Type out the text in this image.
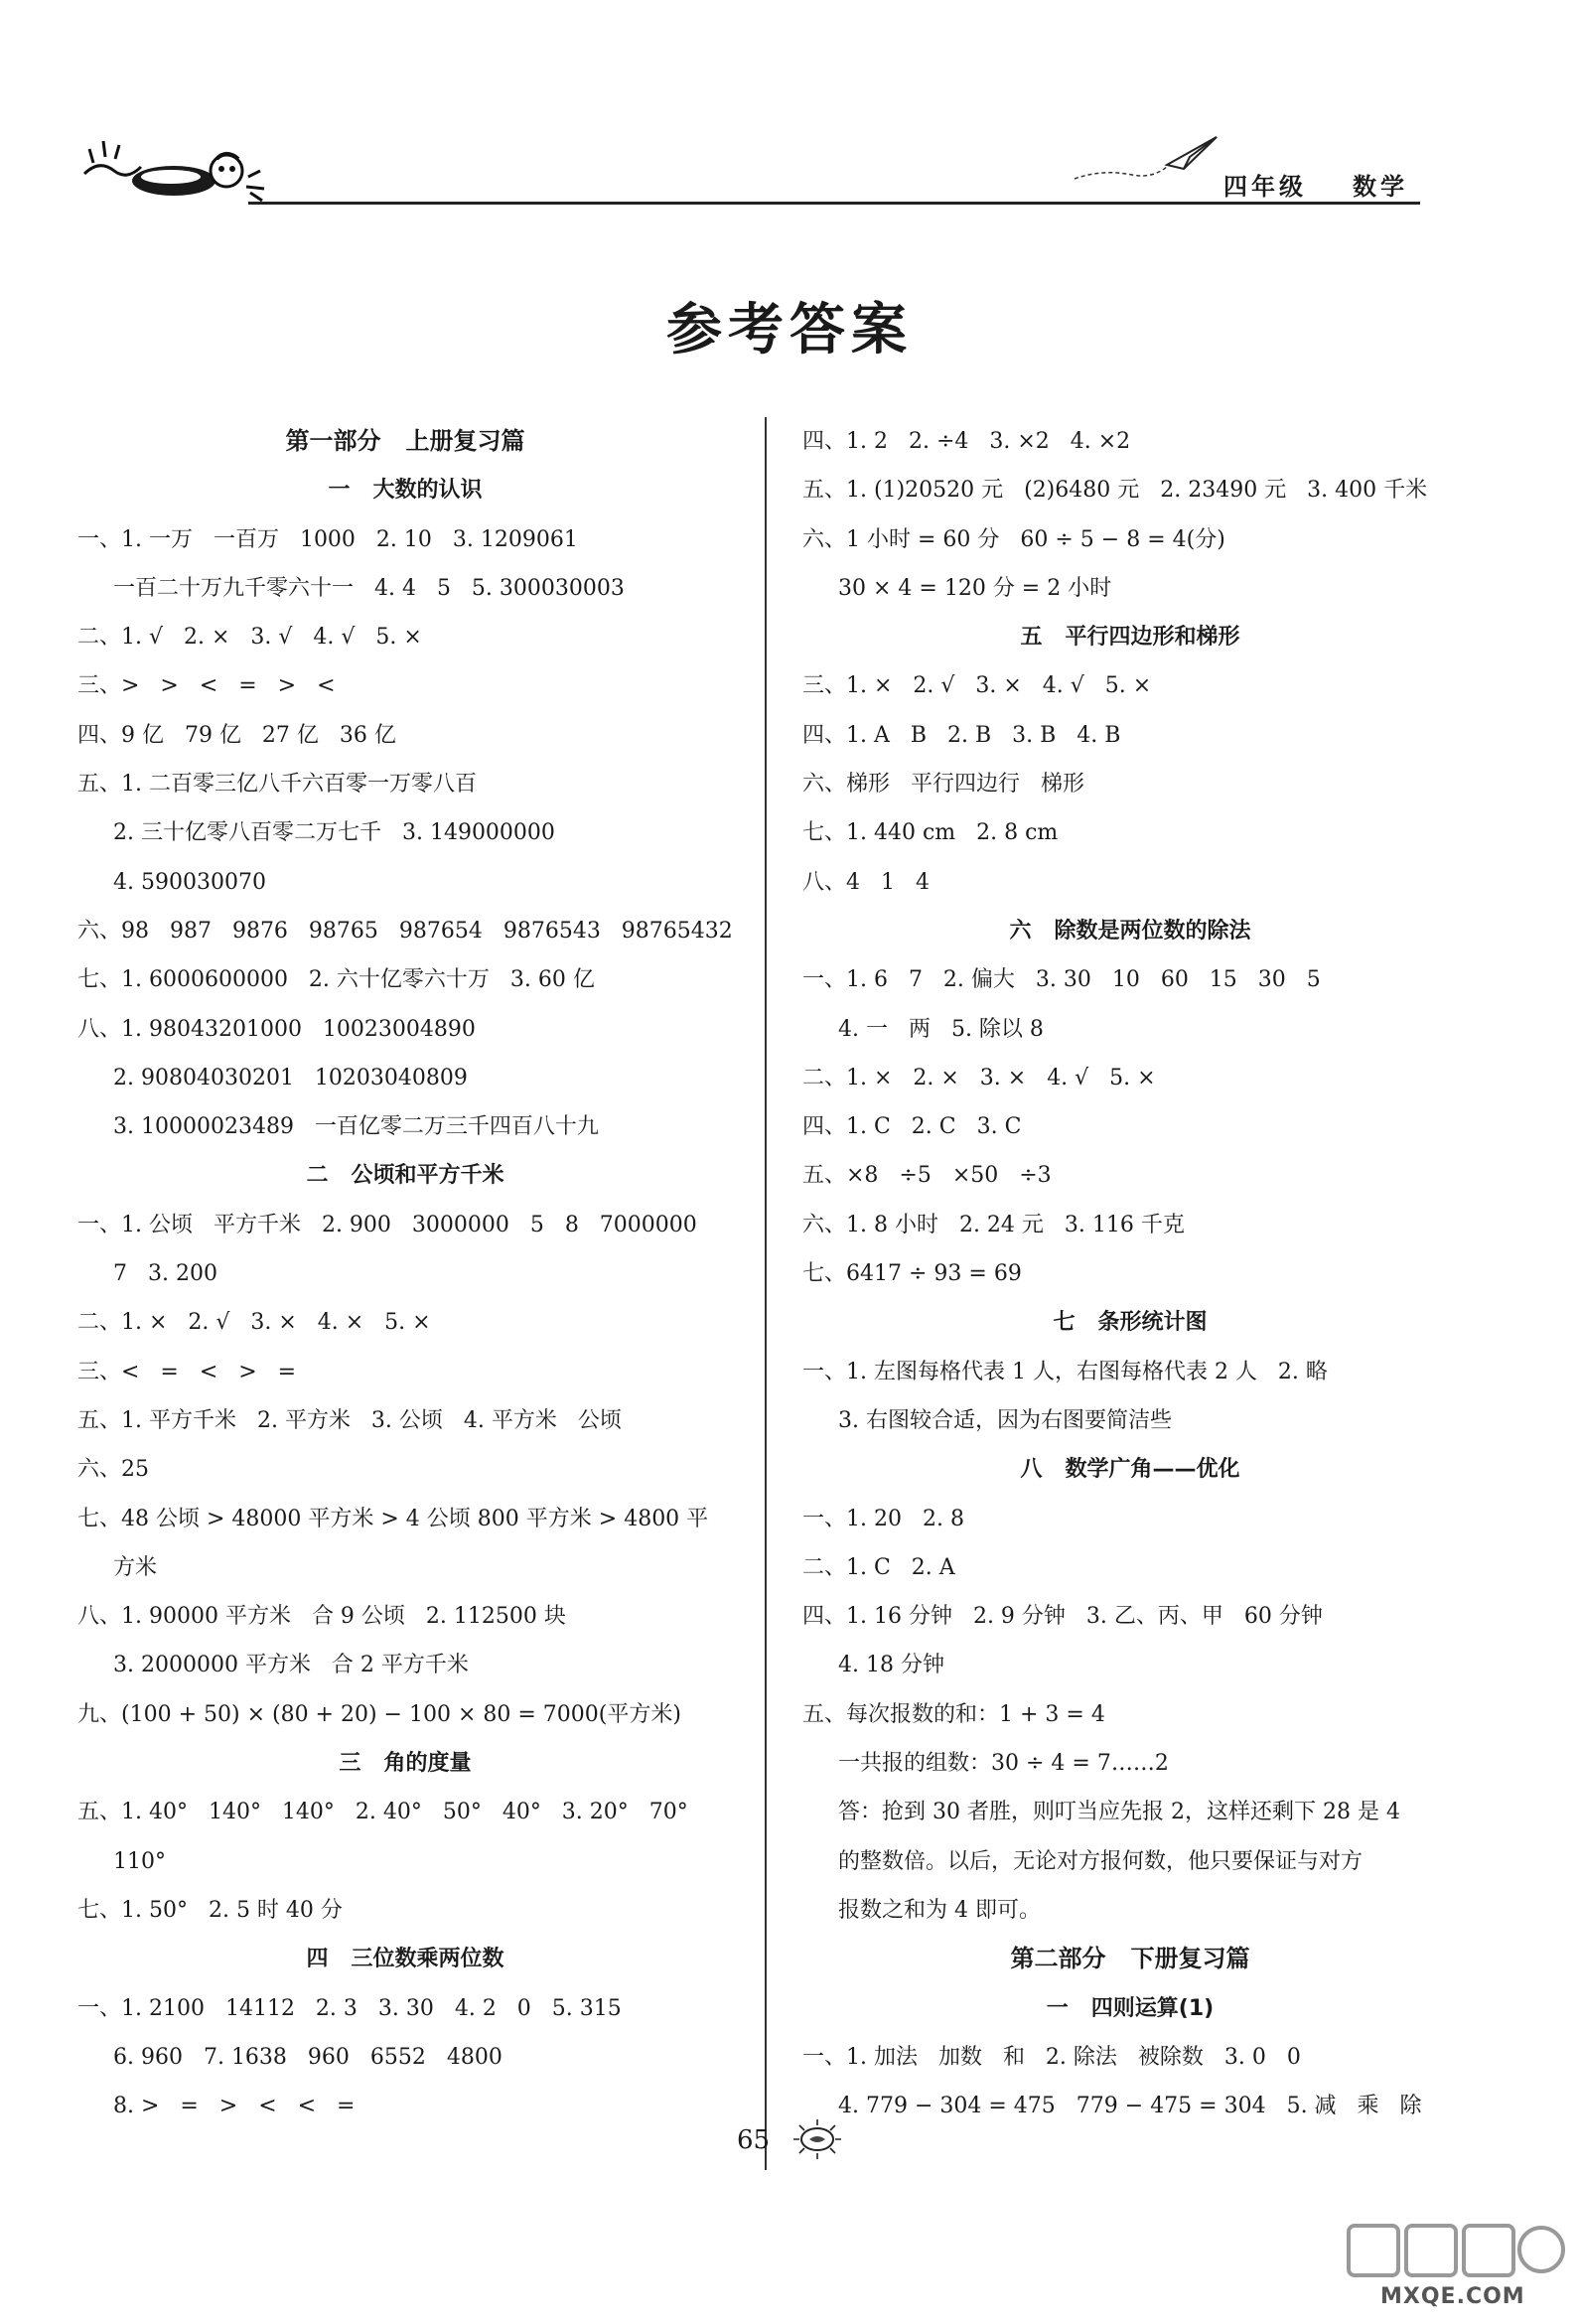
四年级 数学
参考答案
第一部分   上册复习篇
一   大数的认识
一、1. 一万   一百万   1000   2. 10   3. 1209061
一百二十万九千零六十一   4. 4   5   5. 300030003
二、1. √   2. ×   3. √   4. √   5. ×
三、>   >   <   =   >   <
四、9 亿   79 亿   27 亿   36 亿
五、1. 二百零三亿八千六百零一万零八百
2. 三十亿零八百零二万七千   3. 149000000
4. 590030070
六、98   987   9876   98765   987654   9876543   98765432
七、1. 6000600000   2. 六十亿零六十万   3. 60 亿
八、1. 98043201000   10023004890
2. 90804030201   10203040809
3. 10000023489   一百亿零二万三千四百八十九
二   公顷和平方千米
一、1. 公顷   平方千米   2. 900   3000000   5   8   7000000
7   3. 200
二、1. ×   2. √   3. ×   4. ×   5. ×
三、<   =   <   >   =
五、1. 平方千米   2. 平方米   3. 公顷   4. 平方米   公顷
六、25
七、48 公顷 > 48000 平方米 > 4 公顷 800 平方米 > 4800 平
方米
八、1. 90000 平方米   合 9 公顷   2. 112500 块
3. 2000000 平方米   合 2 平方千米
九、(100 + 50) × (80 + 20) − 100 × 80 = 7000(平方米)
三   角的度量
五、1. 40°   140°   140°   2. 40°   50°   40°   3. 20°   70°
110°
七、1. 50°   2. 5 时 40 分
四   三位数乘两位数
一、1. 2100   14112   2. 3   3. 30   4. 2   0   5. 315
6. 960   7. 1638   960   6552   4800
8. >   =   >   <   <   =
四、1. 2   2. ÷4   3. ×2   4. ×2
五、1. (1)20520 元   (2)6480 元   2. 23490 元   3. 400 千米
六、1 小时 = 60 分   60 ÷ 5 − 8 = 4(分)
30 × 4 = 120 分 = 2 小时
五   平行四边形和梯形
三、1. ×   2. √   3. ×   4. √   5. ×
四、1. A   B   2. B   3. B   4. B
六、梯形   平行四边行   梯形
七、1. 440 cm   2. 8 cm
八、4   1   4
六   除数是两位数的除法
一、1. 6   7   2. 偏大   3. 30   10   60   15   30   5
4. 一   两   5. 除以 8
二、1. ×   2. ×   3. ×   4. √   5. ×
四、1. C   2. C   3. C
五、×8   ÷5   ×50   ÷3
六、1. 8 小时   2. 24 元   3. 116 千克
七、6417 ÷ 93 = 69
七   条形统计图
一、1. 左图每格代表 1 人，右图每格代表 2 人   2. 略
3. 右图较合适，因为右图要简洁些
八   数学广角——优化
一、1. 20   2. 8
二、1. C   2. A
四、1. 16 分钟   2. 9 分钟   3. 乙、丙、甲   60 分钟
4. 18 分钟
五、每次报数的和：1 + 3 = 4
一共报的组数：30 ÷ 4 = 7……2
答：抢到 30 者胜，则叮当应先报 2，这样还剩下 28 是 4
的整数倍。以后，无论对方报何数，他只要保证与对方
报数之和为 4 即可。
第二部分   下册复习篇
一   四则运算(1)
一、1. 加法   加数   和   2. 除法   被除数   3. 0   0
4. 779 − 304 = 475   779 − 475 = 304   5. 减   乘   除
65
MXQE.COM
